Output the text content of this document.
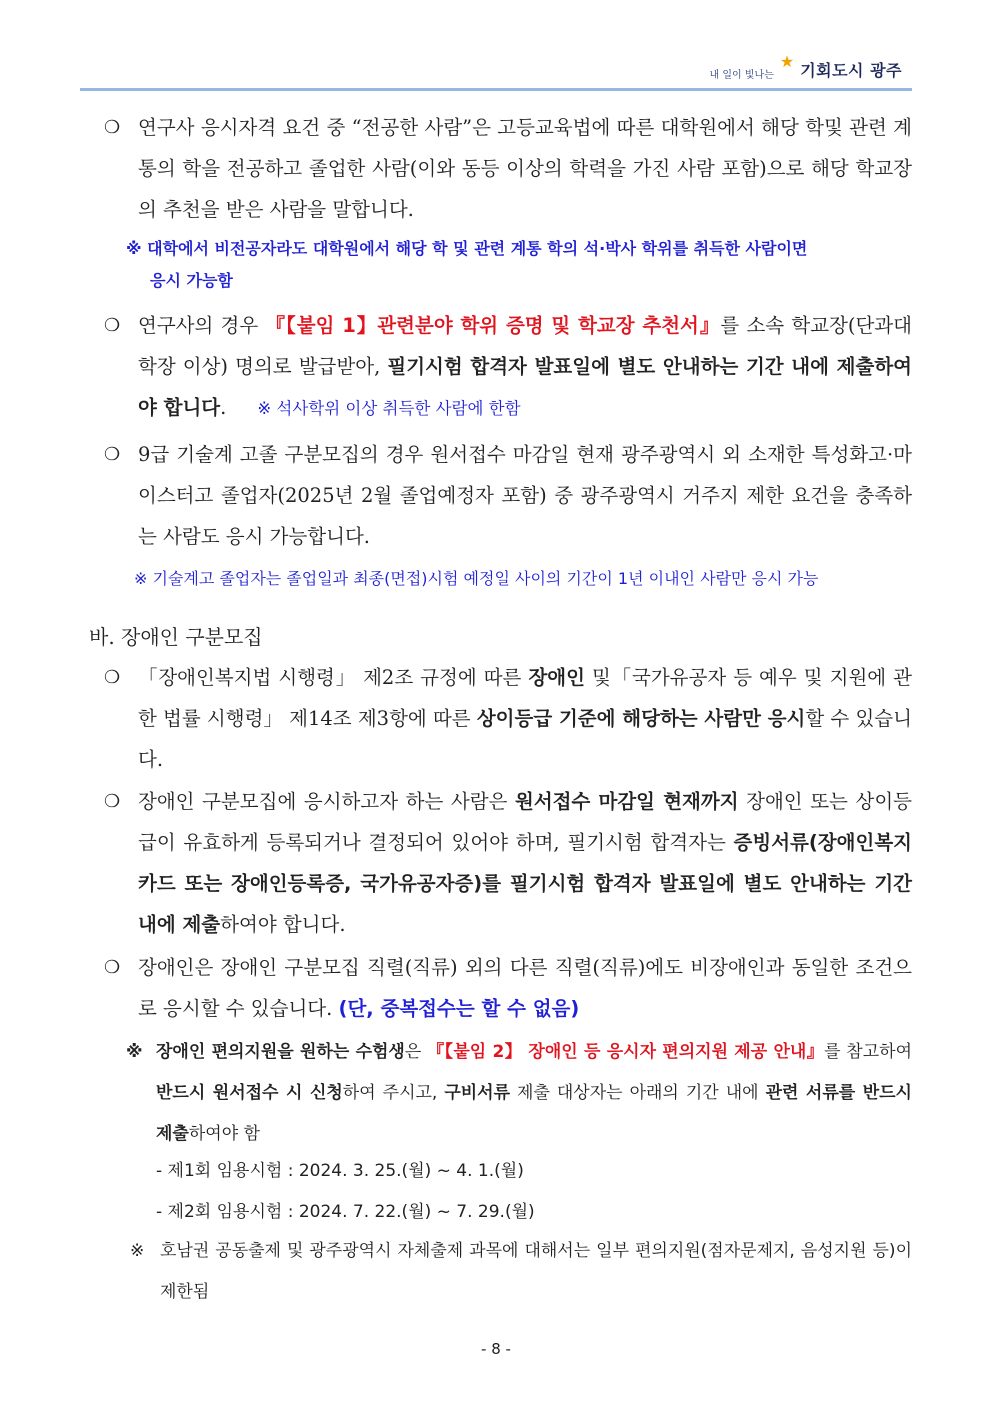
내 일이 빛나는
★ 기회도시 광주
❍ 연구사 응시자격 요건 중 “전공한 사람”은 고등교육법에 따른 대학원에서 해당 학및 관련 계통의 학을 전공하고 졸업한 사람(이와 동등 이상의 학력을 가진 사람 포함)으로 해당 학교장의 추천을 받은 사람을 말합니다.
※ 대학에서 비전공자라도 대학원에서 해당 학 및 관련 계통 학의 석·박사 학위를 취득한 사람이면
응시 가능함
❍ 연구사의 경우 『【붙임 1】관련분야 학위 증명 및 학교장 추천서』를 소속 학교장(단과대학장 이상) 명의로 발급받아, 필기시험 합격자 발표일에 별도 안내하는 기간 내에 제출하여야 합니다. ※ 석사학위 이상 취득한 사람에 한함
❍ 9급 기술계 고졸 구분모집의 경우 원서접수 마감일 현재 광주광역시 외 소재한 특성화고·마이스터고 졸업자(2025년 2월 졸업예정자 포함) 중 광주광역시 거주지 제한 요건을 충족하는 사람도 응시 가능합니다.
※ 기술계고 졸업자는 졸업일과 최종(면접)시험 예정일 사이의 기간이 1년 이내인 사람만 응시 가능
바. 장애인 구분모집
❍ 「장애인복지법 시행령」 제2조 규정에 따른 장애인 및「국가유공자 등 예우 및 지원에 관한 법률 시행령」 제14조 제3항에 따른 상이등급 기준에 해당하는 사람만 응시할 수 있습니다.
❍ 장애인 구분모집에 응시하고자 하는 사람은 원서접수 마감일 현재까지 장애인 또는 상이등급이 유효하게 등록되거나 결정되어 있어야 하며, 필기시험 합격자는 증빙서류(장애인복지카드 또는 장애인등록증, 국가유공자증)를 필기시험 합격자 발표일에 별도 안내하는 기간 내에 제출하여야 합니다.
❍ 장애인은 장애인 구분모집 직렬(직류) 외의 다른 직렬(직류)에도 비장애인과 동일한 조건으로 응시할 수 있습니다. (단, 중복접수는 할 수 없음)
※ 장애인 편의지원을 원하는 수험생은 『【붙임 2】 장애인 등 응시자 편의지원 제공 안내』를 참고하여 반드시 원서접수 시 신청하여 주시고, 구비서류 제출 대상자는 아래의 기간 내에 관련 서류를 반드시 제출하여야 함
- 제1회 임용시험 : 2024. 3. 25.(월) ~ 4. 1.(월)
- 제2회 임용시험 : 2024. 7. 22.(월) ~ 7. 29.(월)
※ 호남권 공동출제 및 광주광역시 자체출제 과목에 대해서는 일부 편의지원(점자문제지, 음성지원 등)이 제한됨
- 8 -
